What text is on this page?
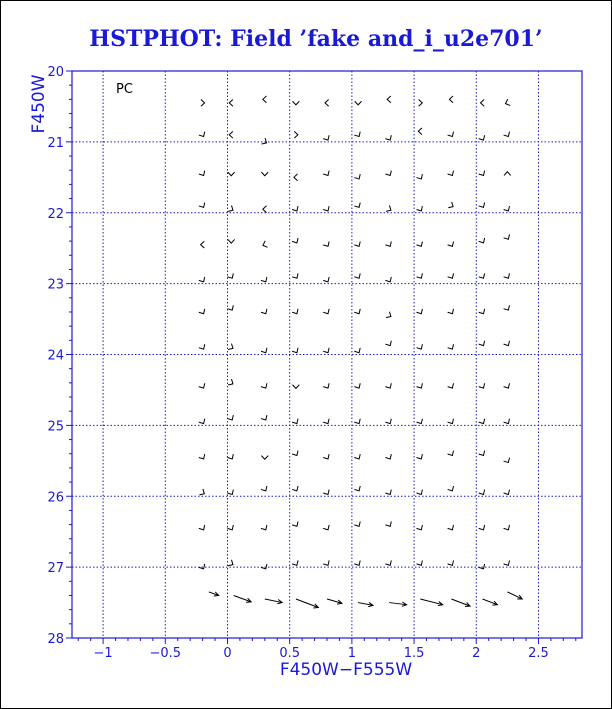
HSTPHOT: Field ’fake and_i_u2e701’
−1	−0.5	0	0.5	1	1.5	2	2.5
20
21
22
23
24
25
26
27
28
PC
F450W−F555W
F450W
